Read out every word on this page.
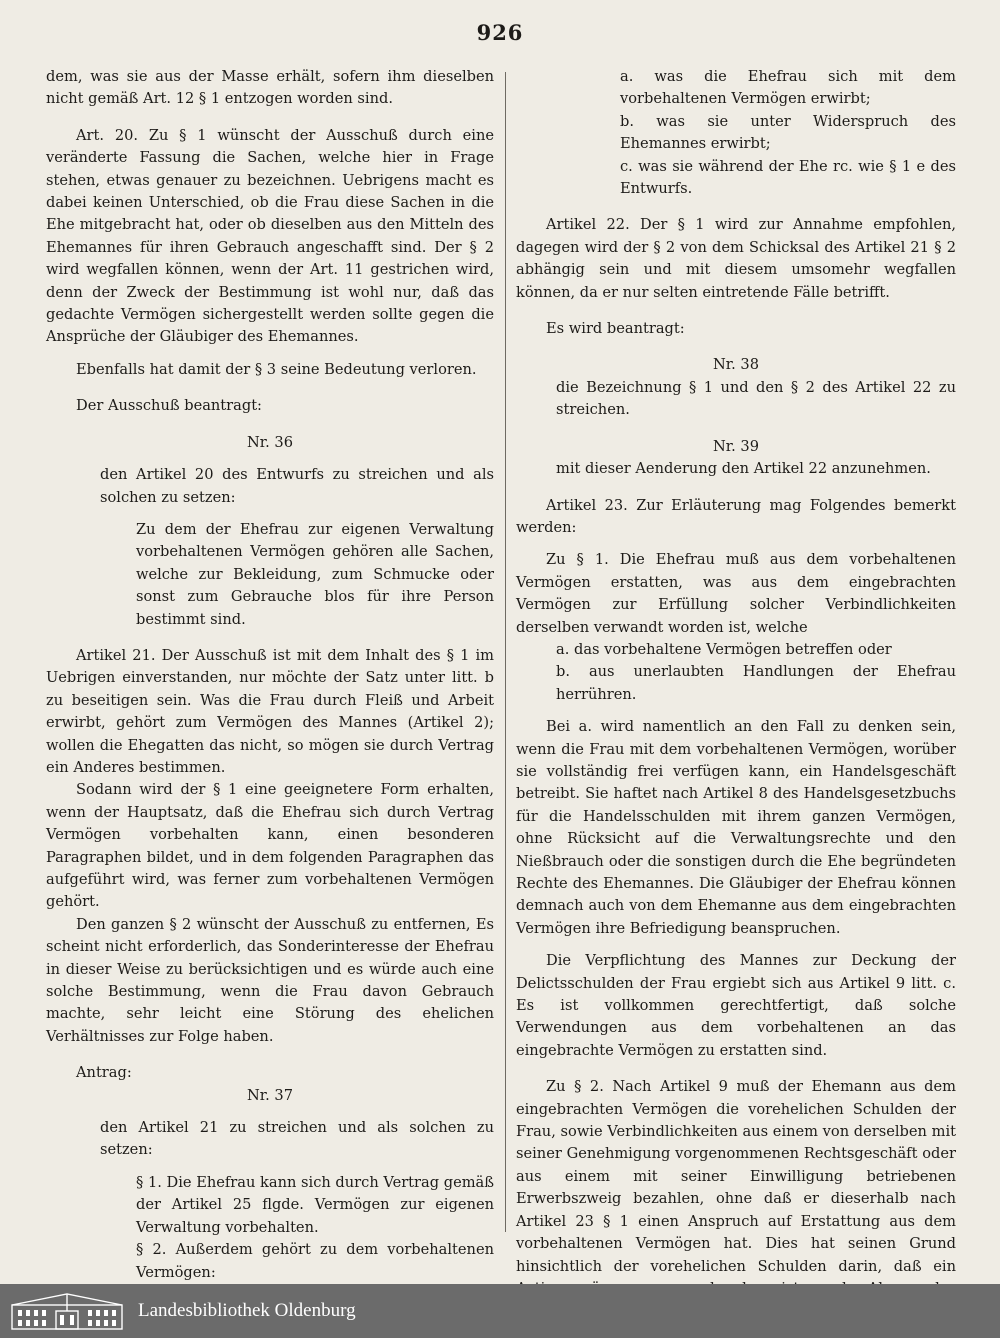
926

dem, was sie aus der Masse erhält, sofern ihm dieselben nicht gemäß Art. 12 § 1 entzogen worden sind.

Art. 20. Zu § 1 wünscht der Ausschuß durch eine veränderte Fassung die Sachen, welche hier in Frage stehen, etwas genauer zu bezeichnen. Uebrigens macht es dabei keinen Unterschied, ob die Frau diese Sachen in die Ehe mitgebracht hat, oder ob dieselben aus den Mitteln des Ehemannes für ihren Gebrauch angeschafft sind. Der § 2 wird wegfallen können, wenn der Art. 11 gestrichen wird, denn der Zweck der Bestimmung ist wohl nur, daß das gedachte Vermögen sichergestellt werden sollte gegen die Ansprüche der Gläubiger des Ehemannes.

Ebenfalls hat damit der § 3 seine Bedeutung verloren.

Der Ausschuß beantragt:

Nr. 36

den Artikel 20 des Entwurfs zu streichen und als solchen zu setzen:

Zu dem der Ehefrau zur eigenen Verwaltung vorbehaltenen Vermögen gehören alle Sachen, welche zur Bekleidung, zum Schmucke oder sonst zum Gebrauche blos für ihre Person bestimmt sind.

Artikel 21. Der Ausschuß ist mit dem Inhalt des § 1 im Uebrigen einverstanden, nur möchte der Satz unter litt. b zu beseitigen sein. Was die Frau durch Fleiß und Arbeit erwirbt, gehört zum Vermögen des Mannes (Artikel 2); wollen die Ehegatten das nicht, so mögen sie durch Vertrag ein Anderes bestimmen.

Sodann wird der § 1 eine geeignetere Form erhalten, wenn der Hauptsatz, daß die Ehefrau sich durch Vertrag Vermögen vorbehalten kann, einen besonderen Paragraphen bildet, und in dem folgenden Paragraphen das aufgeführt wird, was ferner zum vorbehaltenen Vermögen gehört.

Den ganzen § 2 wünscht der Ausschuß zu entfernen, Es scheint nicht erforderlich, das Sonderinteresse der Ehefrau in dieser Weise zu berücksichtigen und es würde auch eine solche Bestimmung, wenn die Frau davon Gebrauch machte, sehr leicht eine Störung des ehelichen Verhältnisses zur Folge haben.

Antrag:

Nr. 37

den Artikel 21 zu streichen und als solchen zu setzen:

§ 1. Die Ehefrau kann sich durch Vertrag gemäß der Artikel 25 flgde. Vermögen zur eigenen Verwaltung vorbehalten.

§ 2. Außerdem gehört zu dem vorbehaltenen Vermögen:

a. was die Ehefrau sich mit dem vorbehaltenen Vermögen erwirbt;

b. was sie unter Widerspruch des Ehemannes erwirbt;

c. was sie während der Ehe rc. wie § 1 e des Entwurfs.

Artikel 22. Der § 1 wird zur Annahme empfohlen, dagegen wird der § 2 von dem Schicksal des Artikel 21 § 2 abhängig sein und mit diesem umsomehr wegfallen können, da er nur selten eintretende Fälle betrifft.

Es wird beantragt:

Nr. 38

die Bezeichnung § 1 und den § 2 des Artikel 22 zu streichen.

Nr. 39

mit dieser Aenderung den Artikel 22 anzunehmen.

Artikel 23. Zur Erläuterung mag Folgendes bemerkt werden:

Zu § 1. Die Ehefrau muß aus dem vorbehaltenen Vermögen erstatten, was aus dem eingebrachten Vermögen zur Erfüllung solcher Verbindlichkeiten derselben verwandt worden ist, welche

a. das vorbehaltene Vermögen betreffen oder

b. aus unerlaubten Handlungen der Ehefrau herrühren.

Bei a. wird namentlich an den Fall zu denken sein, wenn die Frau mit dem vorbehaltenen Vermögen, worüber sie vollständig frei verfügen kann, ein Handelsgeschäft betreibt. Sie haftet nach Artikel 8 des Handelsgesetzbuchs für die Handelsschulden mit ihrem ganzen Vermögen, ohne Rücksicht auf die Verwaltungsrechte und den Nießbrauch oder die sonstigen durch die Ehe begründeten Rechte des Ehemannes. Die Gläubiger der Ehefrau können demnach auch von dem Ehemanne aus dem eingebrachten Vermögen ihre Befriedigung beanspruchen.

Die Verpflichtung des Mannes zur Deckung der Delictsschulden der Frau ergiebt sich aus Artikel 9 litt. c. Es ist vollkommen gerechtfertigt, daß solche Verwendungen aus dem vorbehaltenen an das eingebrachte Vermögen zu erstatten sind.

Zu § 2. Nach Artikel 9 muß der Ehemann aus dem eingebrachten Vermögen die vorehelichen Schulden der Frau, sowie Verbindlichkeiten aus einem von derselben mit seiner Genehmigung vorgenommenen Rechtsgeschäft oder aus einem mit seiner Einwilligung betriebenen Erwerbszweig bezahlen, ohne daß er dieserhalb nach Artikel 23 § 1 einen Anspruch auf Erstattung aus dem vorbehaltenen Vermögen hat. Dies hat seinen Grund hinsichtlich der vorehelichen Schulden darin, daß ein

Landesbibliothek Oldenburg
